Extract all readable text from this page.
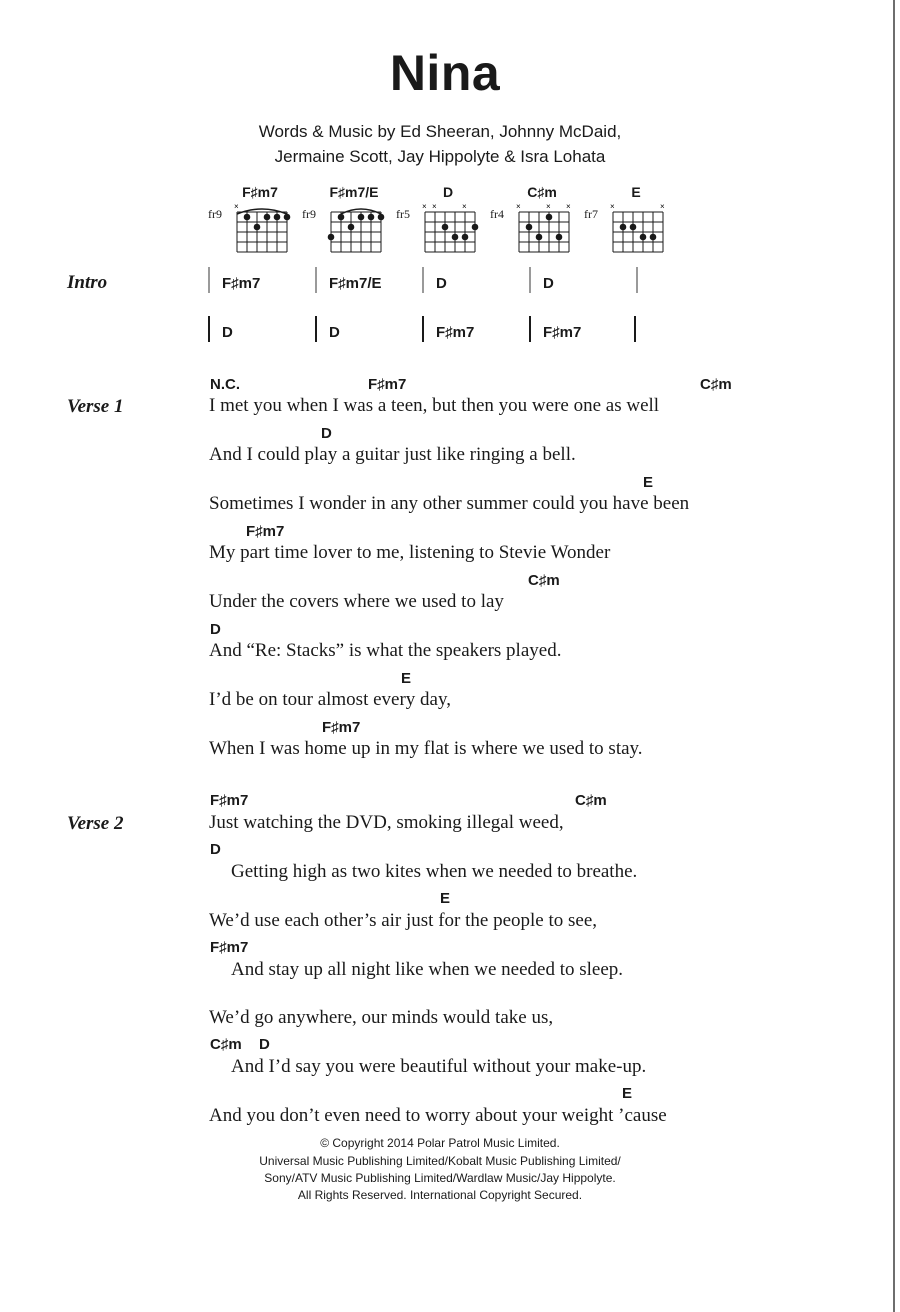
Nina
Words & Music by Ed Sheeran, Johnny McDaid,
Jermaine Scott, Jay Hippolyte & Isra Lohata
F♯m7
fr9
×
F♯m7/E
fr9
D
fr5
× ×	×
C♯m
fr4
×	× ×
E
fr7
×	×
Intro	F♯m7	F♯m7/E	D	D
D	D	F♯m7	F♯m7
Verse 1
N.C.	F♯m7	C♯m
I met you when I was a teen, but then you were one as well
D
And I could play a guitar just like ringing a bell.
E
Sometimes I wonder in any other summer could you have been
F♯m7
My part time lover to me, listening to Stevie Wonder
C♯m
Under the covers where we used to lay
D
And “Re: Stacks” is what the speakers played.
E
I’d be on tour almost every day,
F♯m7
When I was home up in my flat is where we used to stay.
Verse 2
F♯m7	C♯m
Just watching the DVD, smoking illegal weed,
D
Getting high as two kites when we needed to breathe.
E
We’d use each other’s air just for the people to see,
F♯m7
And stay up all night like when we needed to sleep.
We’d go anywhere, our minds would take us,
C♯m D
And I’d say you were beautiful without your make-up.
E
And you don’t even need to worry about your weight ’cause
© Copyright 2014 Polar Patrol Music Limited.
Universal Music Publishing Limited/Kobalt Music Publishing Limited/
Sony/ATV Music Publishing Limited/Wardlaw Music/Jay Hippolyte.
All Rights Reserved. International Copyright Secured.
